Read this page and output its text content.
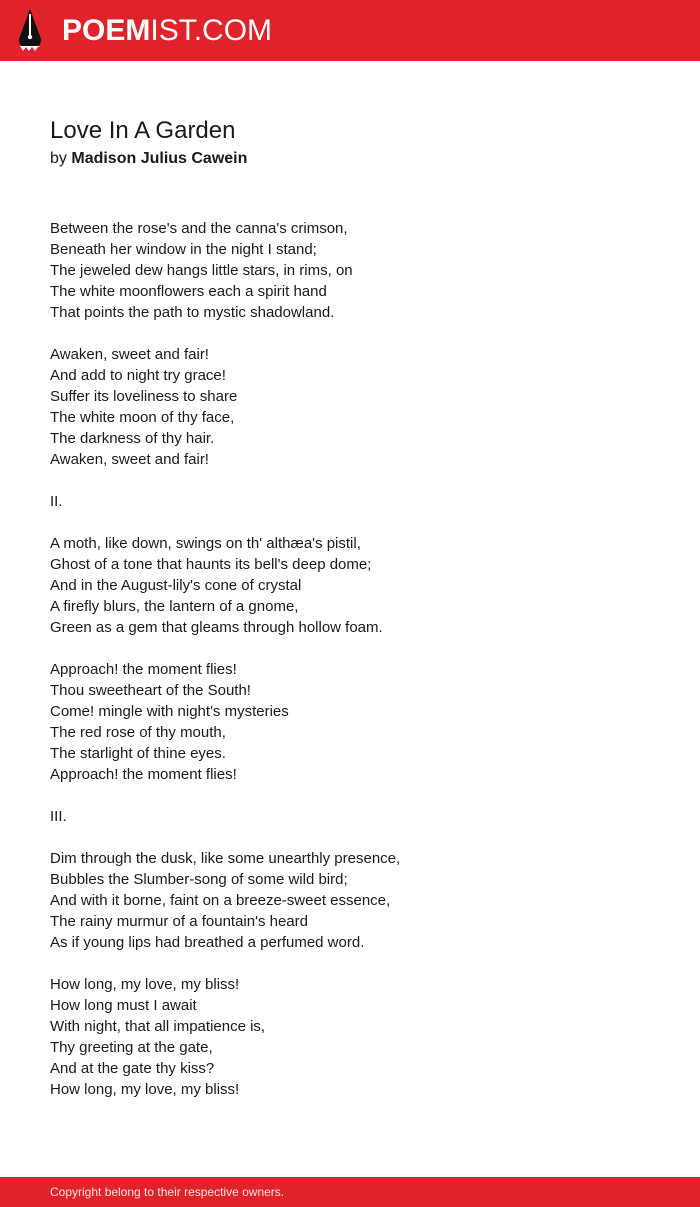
POEMIST.COM
Love In A Garden
by Madison Julius Cawein
Between the rose's and the canna's crimson,
Beneath her window in the night I stand;
The jeweled dew hangs little stars, in rims, on
The white moonflowers each a spirit hand
That points the path to mystic shadowland.
Awaken, sweet and fair!
And add to night try grace!
Suffer its loveliness to share
The white moon of thy face,
The darkness of thy hair.
Awaken, sweet and fair!
II.
A moth, like down, swings on th' althæa's pistil,
Ghost of a tone that haunts its bell's deep dome;
And in the August-lily's cone of crystal
A firefly blurs, the lantern of a gnome,
Green as a gem that gleams through hollow foam.
Approach! the moment flies!
Thou sweetheart of the South!
Come! mingle with night's mysteries
The red rose of thy mouth,
The starlight of thine eyes.
Approach! the moment flies!
III.
Dim through the dusk, like some unearthly presence,
Bubbles the Slumber-song of some wild bird;
And with it borne, faint on a breeze-sweet essence,
The rainy murmur of a fountain's heard
As if young lips had breathed a perfumed word.
How long, my love, my bliss!
How long must I await
With night, that all impatience is,
Thy greeting at the gate,
And at the gate thy kiss?
How long, my love, my bliss!
Copyright belong to their respective owners.
